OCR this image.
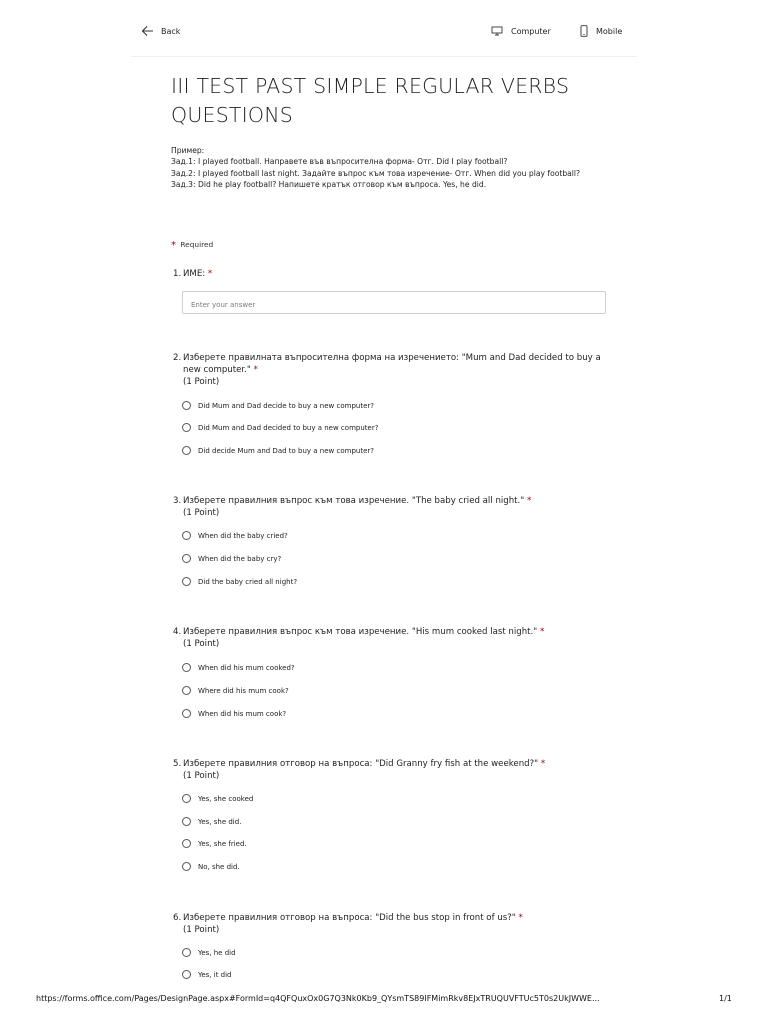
Back	Computer	Mobile
III TEST PAST SIMPLE REGULAR VERBS
QUESTIONS
Пример:
Зад.1: I played football. Направете във въпросителна форма- Отг. Did I play football?
Зад.2: I played football last night. Задайте въпрос към това изречение- Отг. When did you play football?
Зад.3: Did he play football? Напишете кратък отговор към въпроса. Yes, he did.
* Required
1. ИМЕ: *
Enter your answer
2. Изберете правилната въпросителна форма на изречението: "Mum and Dad decided to buy a
new computer." *
(1 Point)
Did Mum and Dad decide to buy a new computer?
Did Mum and Dad decided to buy a new computer?
Did decide Mum and Dad to buy a new computer?
3. Изберете правилния въпрос към това изречение. "The baby cried all night." *
(1 Point)
When did the baby cried?
When did the baby cry?
Did the baby cried all night?
4. Изберете правилния въпрос към това изречение. "His mum cooked last night." *
(1 Point)
When did his mum cooked?
Where did his mum cook?
When did his mum cook?
5. Изберете правилния отговор на въпроса: "Did Granny fry fish at the weekend?" *
(1 Point)
Yes, she cooked
Yes, she did.
Yes, she fried.
No, she did.
6. Изберете правилния отговор на въпроса: "Did the bus stop in front of us?" *
(1 Point)
Yes, he did
Yes, it did
https://forms.office.com/Pages/DesignPage.aspx#FormId=q4QFQuxOx0G7Q3Nk0Kb9_QYsmTS89IFMimRkv8EJxTRUQUVFTUc5T0s2UkJWWE...	1/1
